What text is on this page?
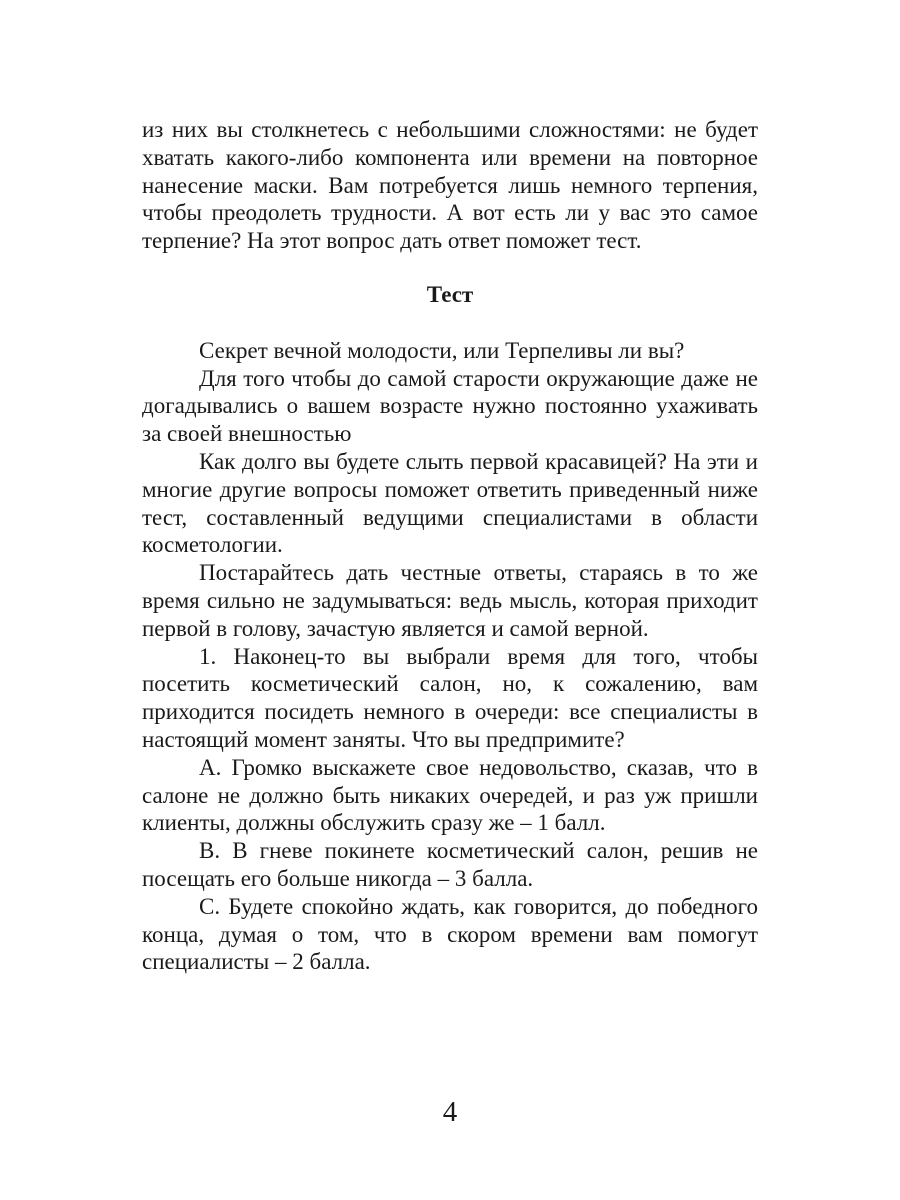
из них вы столкнетесь с небольшими сложностями: не будет хватать какого-либо компонента или времени на повторное нанесение маски. Вам потребуется лишь немного терпения, чтобы преодолеть трудности. А вот есть ли у вас это самое терпение? На этот вопрос дать ответ поможет тест.

Тест

Секрет вечной молодости, или Терпеливы ли вы?

Для того чтобы до самой старости окружающие даже не догадывались о вашем возрасте нужно постоянно ухаживать за своей внешностью

Как долго вы будете слыть первой красавицей? На эти и многие другие вопросы поможет ответить приведенный ниже тест, составленный ведущими специалистами в области косметологии.

Постарайтесь дать честные ответы, стараясь в то же время сильно не задумываться: ведь мысль, которая приходит первой в голову, зачастую является и самой верной.

1. Наконец-то вы выбрали время для того, чтобы посетить косметический салон, но, к сожалению, вам приходится посидеть немного в очереди: все специалисты в настоящий момент заняты. Что вы предпримите?

А. Громко выскажете свое недовольство, сказав, что в салоне не должно быть никаких очередей, и раз уж пришли клиенты, должны обслужить сразу же – 1 балл.

В. В гневе покинете косметический салон, решив не посещать его больше никогда – 3 балла.

С. Будете спокойно ждать, как говорится, до победного конца, думая о том, что в скором времени вам помогут специалисты – 2 балла.

4
